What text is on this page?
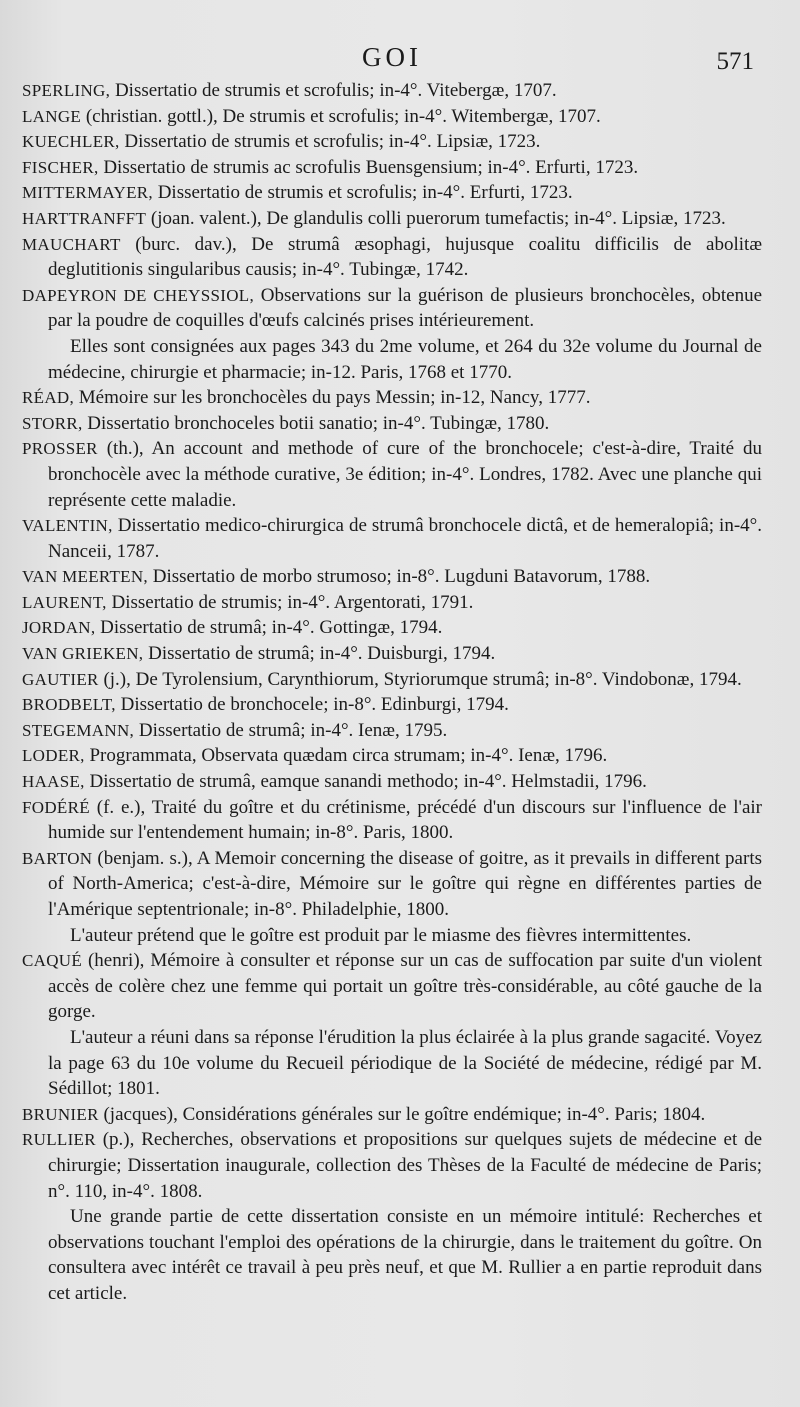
GOI	571

SPERLING, Dissertatio de strumis et scrofulis; in-4°. Vitebergæ, 1707.

LANGE (christian. gottl.), De strumis et scrofulis; in-4°. Witembergæ, 1707.

KUECHLER, Dissertatio de strumis et scrofulis; in-4°. Lipsiæ, 1723.

FISCHER, Dissertatio de strumis ac scrofulis Buensgensium; in-4°. Erfurti, 1723.

MITTERMAYER, Dissertatio de strumis et scrofulis; in-4°. Erfurti, 1723.

HARTTRANFFT (joan. valent.), De glandulis colli puerorum tumefactis; in-4°. Lipsiæ, 1723.

MAUCHART (burc. dav.), De strumâ æsophagi, hujusque coalitu difficilis de abolitæ deglutitionis singularibus causis; in-4°. Tubingæ, 1742.

DAPEYRON DE CHEYSSIOL, Observations sur la guérison de plusieurs bronchocèles, obtenue par la poudre de coquilles d'œufs calcinés prises intérieurement.

Elles sont consignées aux pages 343 du 2me volume, et 264 du 32e volume du Journal de médecine, chirurgie et pharmacie; in-12. Paris, 1768 et 1770.

RÉAD, Mémoire sur les bronchocèles du pays Messin; in-12, Nancy, 1777.

STORR, Dissertatio bronchoceles botii sanatio; in-4°. Tubingæ, 1780.

PROSSER (th.), An account and methode of cure of the bronchocele; c'est-à-dire, Traité du bronchocèle avec la méthode curative, 3e édition; in-4°. Londres, 1782. Avec une planche qui représente cette maladie.

VALENTIN, Dissertatio medico-chirurgica de strumâ bronchocele dictâ, et de hemeralopiâ; in-4°. Nanceii, 1787.

VAN MEERTEN, Dissertatio de morbo strumoso; in-8°. Lugduni Batavorum, 1788.

LAURENT, Dissertatio de strumis; in-4°. Argentorati, 1791.

JORDAN, Dissertatio de strumâ; in-4°. Gottingæ, 1794.

VAN GRIEKEN, Dissertatio de strumâ; in-4°. Duisburgi, 1794.

GAUTIER (j.), De Tyrolensium, Carynthiorum, Styriorumque strumâ; in-8°. Vindobonæ, 1794.

BRODBELT, Dissertatio de bronchocele; in-8°. Edinburgi, 1794.

STEGEMANN, Dissertatio de strumâ; in-4°. Ienæ, 1795.

LODER, Programmata, Observata quædam circa strumam; in-4°. Ienæ, 1796.

HAASE, Dissertatio de strumâ, eamque sanandi methodo; in-4°. Helmstadii, 1796.

FODÉRÉ (f. e.), Traité du goître et du crétinisme, précédé d'un discours sur l'influence de l'air humide sur l'entendement humain; in-8°. Paris, 1800.

BARTON (benjam. s.), A Memoir concerning the disease of goitre, as it prevails in different parts of North-America; c'est-à-dire, Mémoire sur le goître qui règne en différentes parties de l'Amérique septentrionale; in-8°. Philadelphie, 1800.

L'auteur prétend que le goître est produit par le miasme des fièvres intermittentes.

CAQUÉ (henri), Mémoire à consulter et réponse sur un cas de suffocation par suite d'un violent accès de colère chez une femme qui portait un goître très-considérable, au côté gauche de la gorge.

L'auteur a réuni dans sa réponse l'érudition la plus éclairée à la plus grande sagacité. Voyez la page 63 du 10e volume du Recueil périodique de la Société de médecine, rédigé par M. Sédillot; 1801.

BRUNIER (jacques), Considérations générales sur le goître endémique; in-4°. Paris; 1804.

RULLIER (p.), Recherches, observations et propositions sur quelques sujets de médecine et de chirurgie; Dissertation inaugurale, collection des Thèses de la Faculté de médecine de Paris; n°. 110, in-4°. 1808.

Une grande partie de cette dissertation consiste en un mémoire intitulé: Recherches et observations touchant l'emploi des opérations de la chirurgie, dans le traitement du goître. On consultera avec intérêt ce travail à peu près neuf, et que M. Rullier a en partie reproduit dans cet article.
